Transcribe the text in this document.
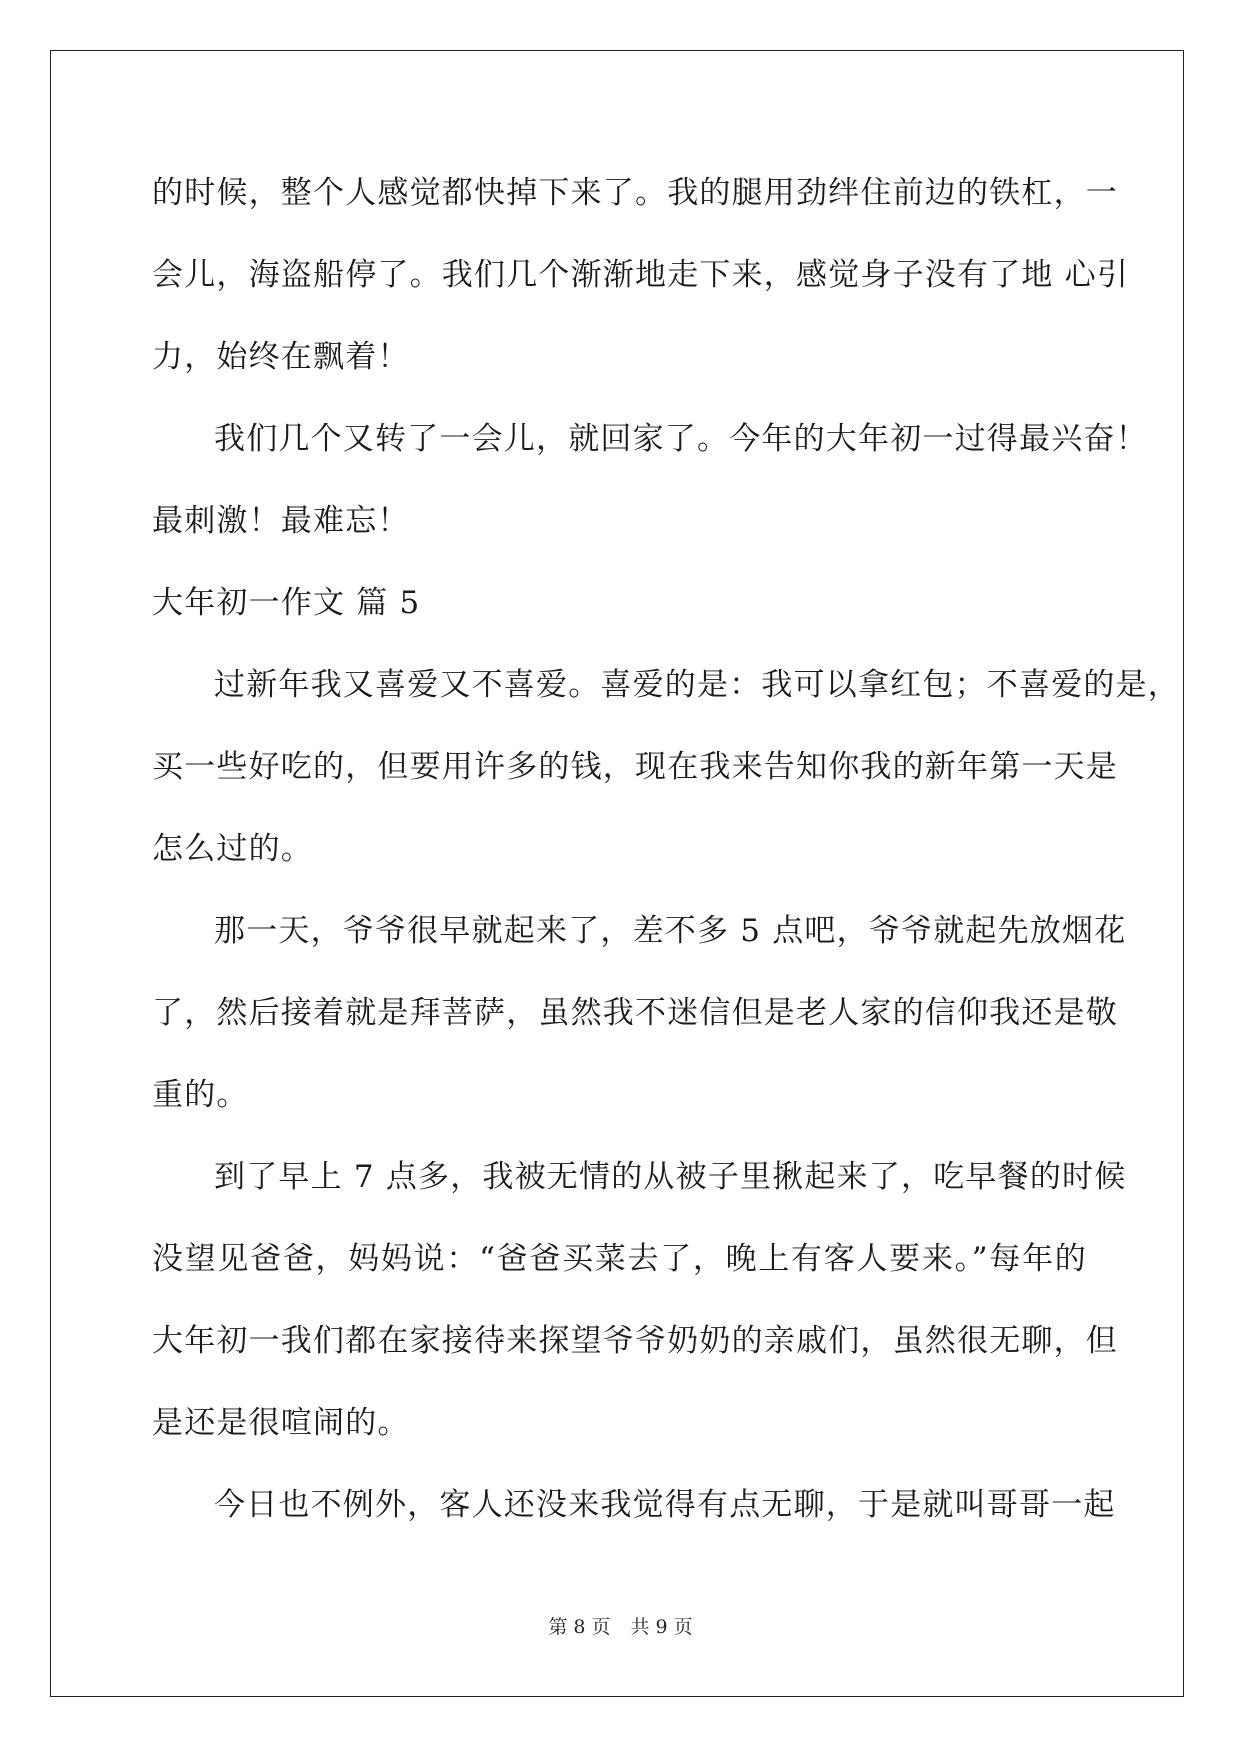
的时候，整个人感觉都快掉下来了。我的腿用劲绊住前边的铁杠，一
会儿，海盗船停了。我们几个渐渐地走下来，感觉身子没有了地 心引
力，始终在飘着！
我们几个又转了一会儿，就回家了。今年的大年初一过得最兴奋！
最刺激！最难忘！
大年初一作文 篇 5
过新年我又喜爱又不喜爱。喜爱的是：我可以拿红包；不喜爱的是，
买一些好吃的，但要用许多的钱，现在我来告知你我的新年第一天是
怎么过的。
那一天，爷爷很早就起来了，差不多 5 点吧，爷爷就起先放烟花
了，然后接着就是拜菩萨，虽然我不迷信但是老人家的信仰我还是敬
重的。
到了早上 7 点多，我被无情的从被子里揪起来了，吃早餐的时候
没望见爸爸，妈妈说：“爸爸买菜去了，晚上有客人要来。”每年的
大年初一我们都在家接待来探望爷爷奶奶的亲戚们，虽然很无聊，但
是还是很喧闹的。
今日也不例外，客人还没来我觉得有点无聊，于是就叫哥哥一起
第 8 页 共 9 页
